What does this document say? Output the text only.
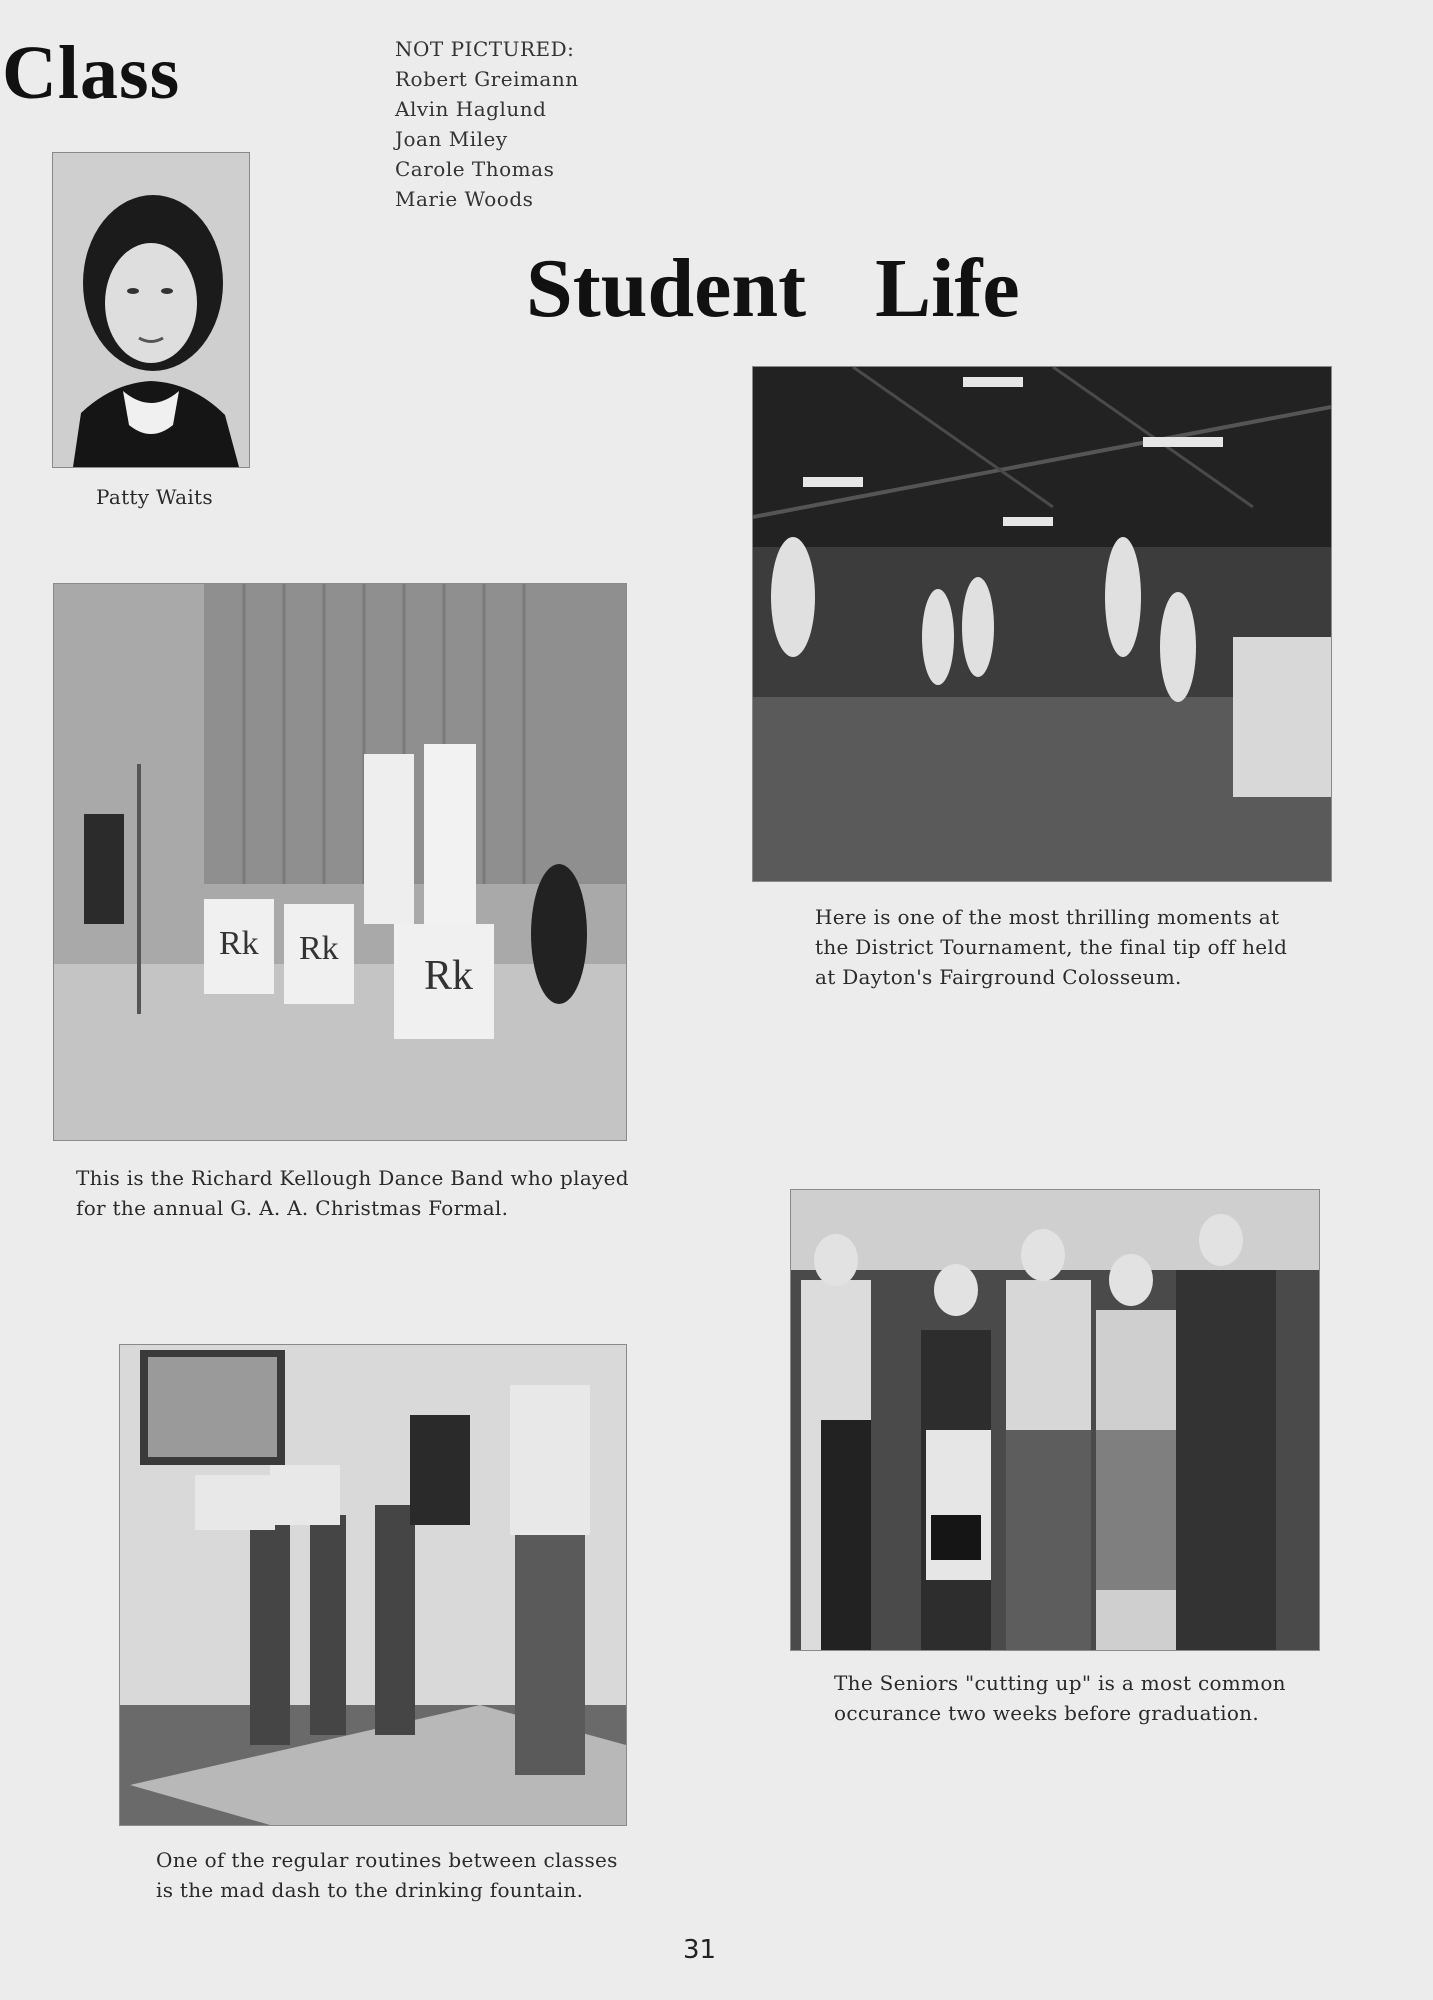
Class	NOT PICTURED:
Robert Greimann
Alvin Haglund
Joan Miley
Carole Thomas
Marie Woods
Student Life
Patty Waits
Here is one of the most thrilling moments at
the District Tournament, the final tip off held
at Dayton's Fairground Colosseum.
Rk Rk
Rk
This is the Richard Kellough Dance Band who played
for the annual G. A. A. Christmas Formal.
The Seniors "cutting up" is a most common
occurance two weeks before graduation.
One of the regular routines between classes
is the mad dash to the drinking fountain.
31
